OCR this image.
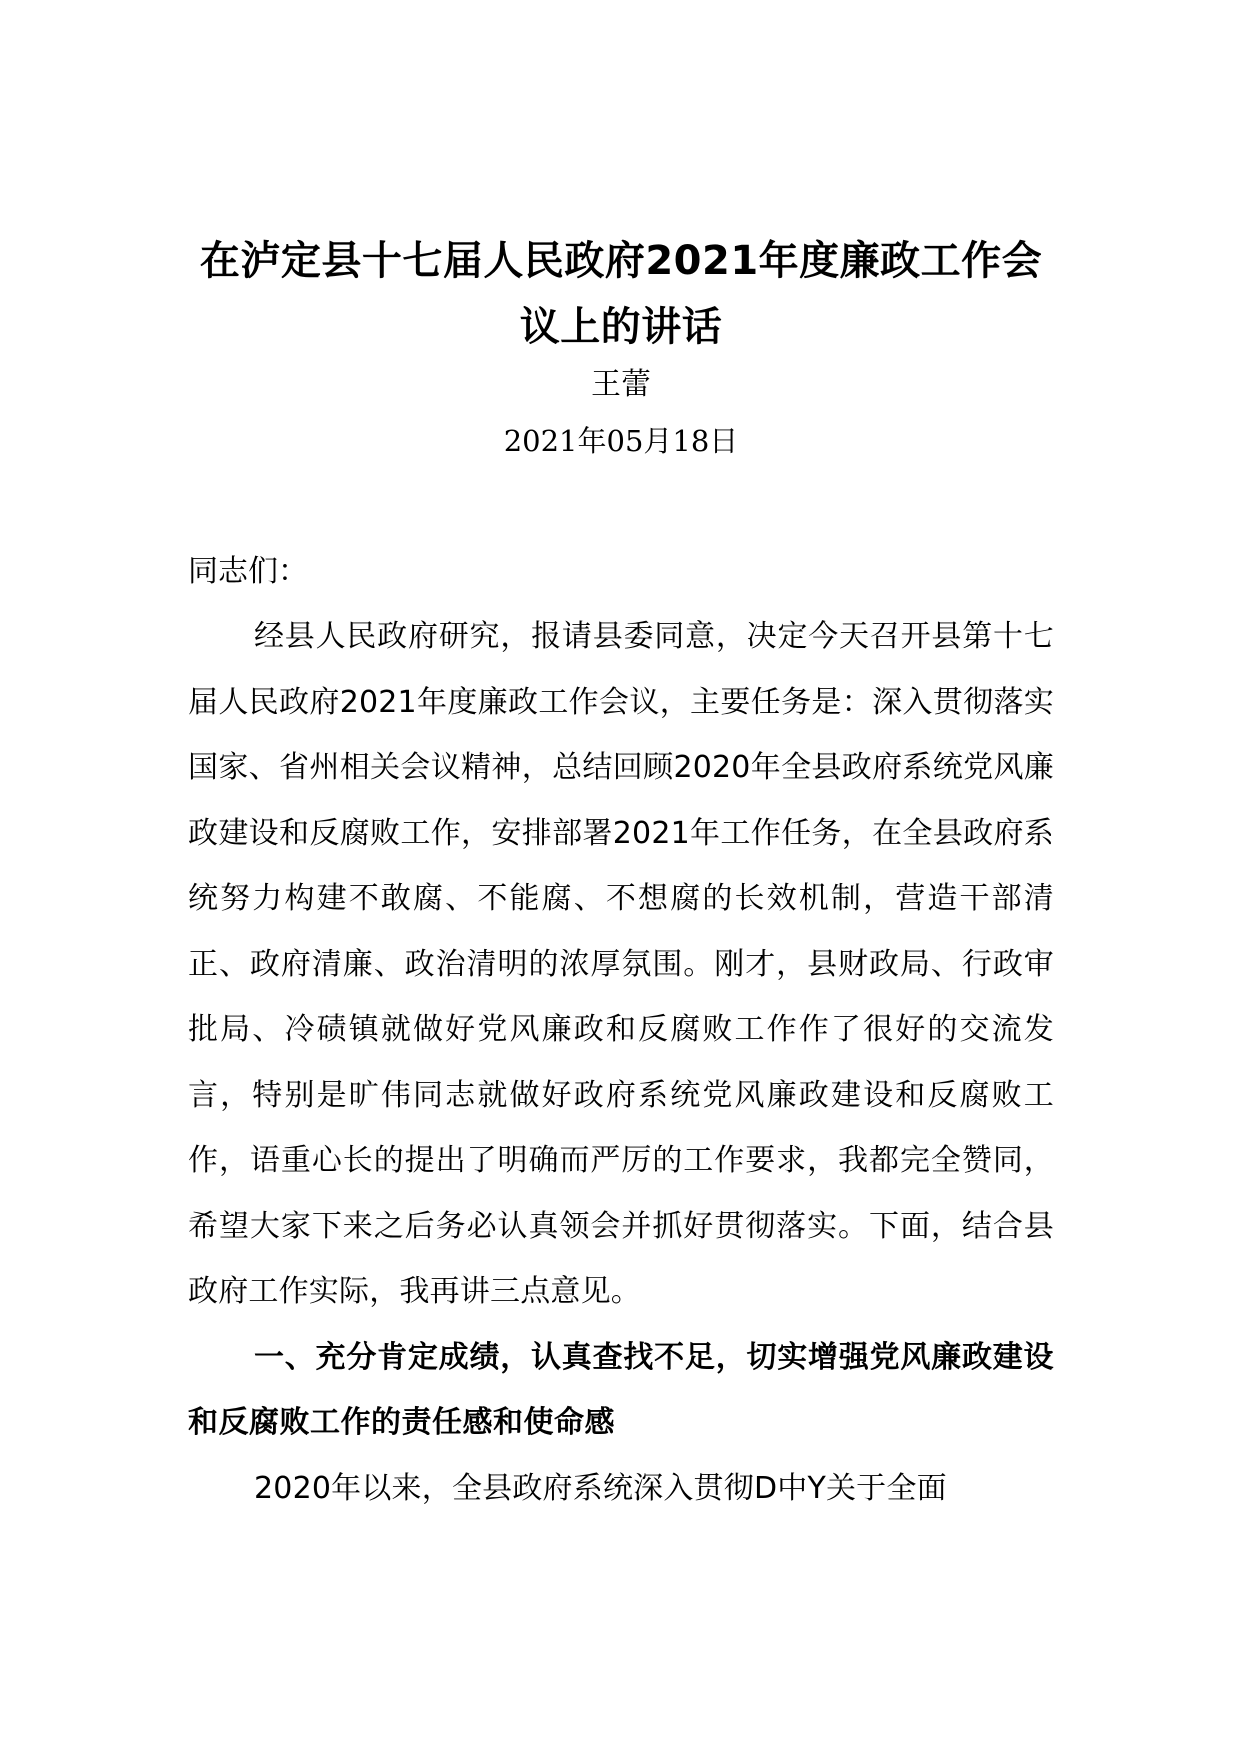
在泸定县十七届人民政府2021年度廉政工作会议上的讲话

王蕾

2021年05月18日

同志们：

经县人民政府研究，报请县委同意，决定今天召开县第十七届人民政府2021年度廉政工作会议，主要任务是：深入贯彻落实国家、省州相关会议精神，总结回顾2020年全县政府系统党风廉政建设和反腐败工作，安排部署2021年工作任务，在全县政府系统努力构建不敢腐、不能腐、不想腐的长效机制，营造干部清正、政府清廉、政治清明的浓厚氛围。刚才，县财政局、行政审批局、冷碛镇就做好党风廉政和反腐败工作作了很好的交流发言，特别是旷伟同志就做好政府系统党风廉政建设和反腐败工作，语重心长的提出了明确而严厉的工作要求，我都完全赞同，希望大家下来之后务必认真领会并抓好贯彻落实。下面，结合县政府工作实际，我再讲三点意见。

一、充分肯定成绩，认真查找不足，切实增强党风廉政建设和反腐败工作的责任感和使命感

2020年以来，全县政府系统深入贯彻D中Y关于全面
